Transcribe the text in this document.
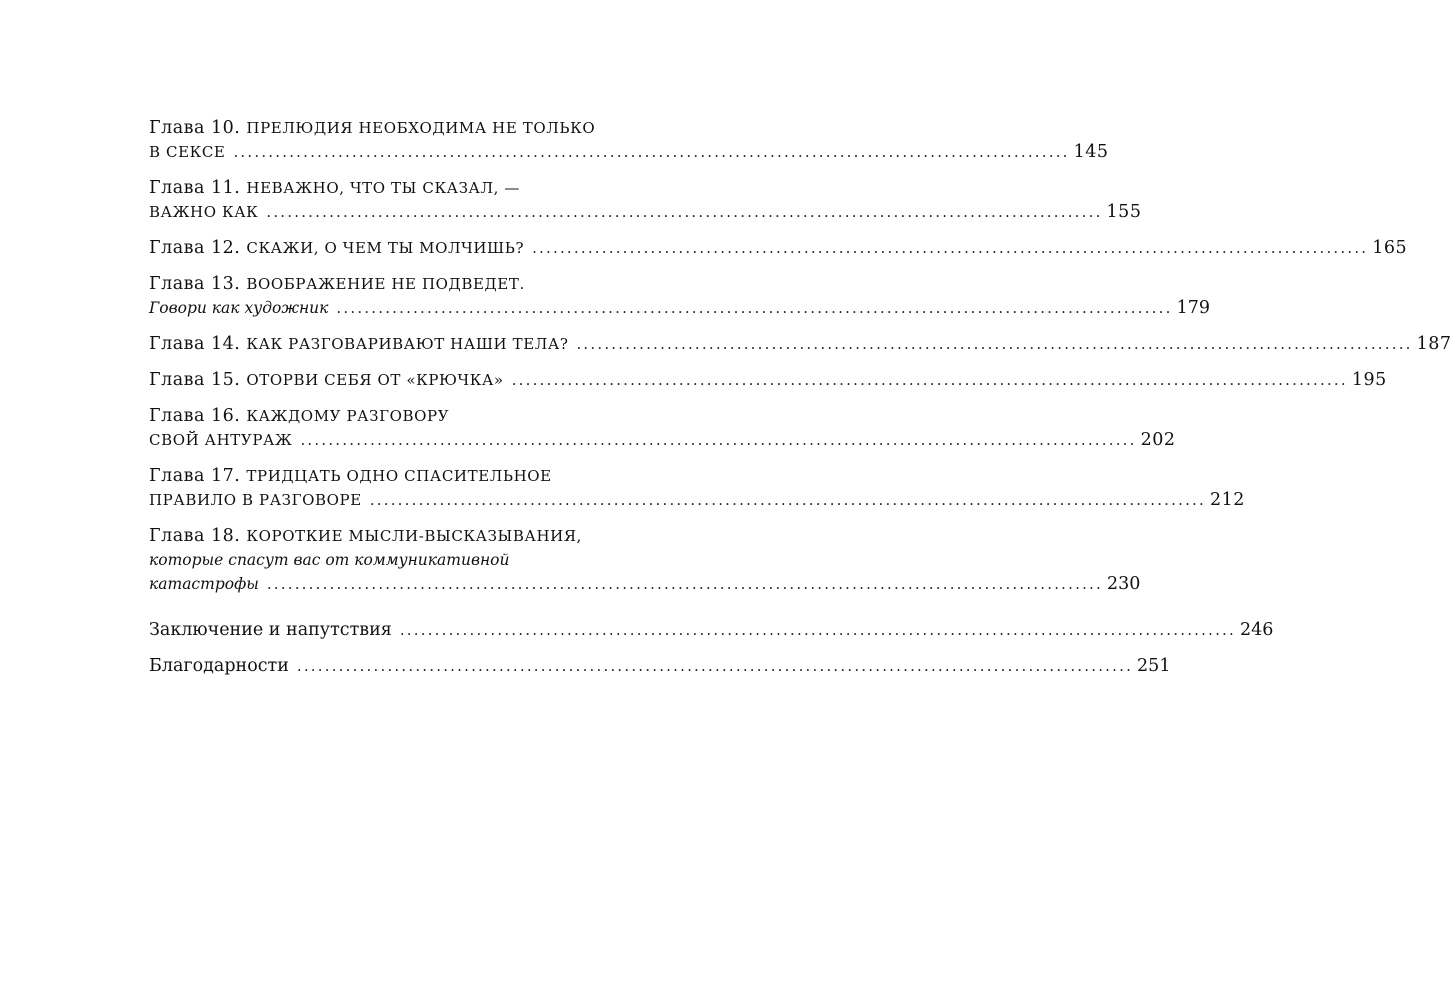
Глава 10. ПРЕЛЮДИЯ НЕОБХОДИМА НЕ ТОЛЬКО
В СЕКСЕ ........................................................................................................................ 145
Глава 11. НЕВАЖНО, ЧТО ТЫ СКАЗАЛ, —
ВАЖНО КАК ........................................................................................................................ 155
Глава 12. СКАЖИ, О ЧЕМ ТЫ МОЛЧИШЬ? ........................................................................................................................ 165
Глава 13. ВООБРАЖЕНИЕ НЕ ПОДВЕДЕТ.
Говори как художник ........................................................................................................................ 179
Глава 14. КАК РАЗГОВАРИВАЮТ НАШИ ТЕЛА? ........................................................................................................................ 187
Глава 15. ОТОРВИ СЕБЯ ОТ «КРЮЧКА» ........................................................................................................................ 195
Глава 16. КАЖДОМУ РАЗГОВОРУ
СВОЙ АНТУРАЖ ........................................................................................................................ 202
Глава 17. ТРИДЦАТЬ ОДНО СПАСИТЕЛЬНОЕ
ПРАВИЛО В РАЗГОВОРЕ ........................................................................................................................ 212
Глава 18. КОРОТКИЕ МЫСЛИ-ВЫСКАЗЫВАНИЯ,
которые спасут вас от коммуникативной
катастрофы ........................................................................................................................ 230
Заключение и напутствия ........................................................................................................................ 246
Благодарности ........................................................................................................................ 251
